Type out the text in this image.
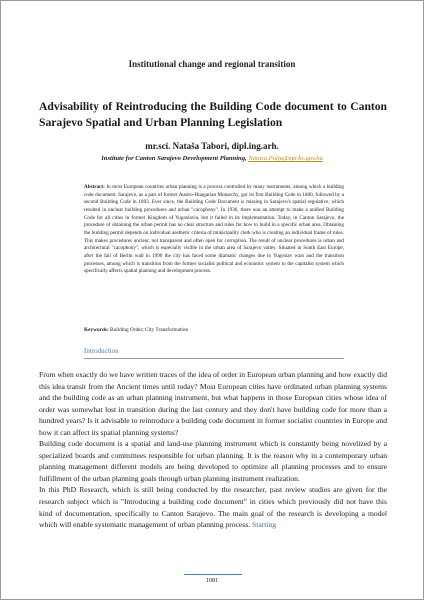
Institutional change and regional transition
Advisability of Reintroducing the Building Code document to Canton Sarajevo Spatial and Urban Planning Legislation
mr.sci. Nataša Tabori, dipl.ing.arh.
Institute for Canton Sarajevo Development Planning, Natasa.Pulja@zpr.ks.gov.ba
Abstract: In most European countries urban planning is a process controlled by many instruments, among which a building code document. Sarajevo, as a part of former Austro-Hungarian Monarchy, got its first Building Code in 1880, followed by a second Building Code in 1893. Ever since, the Building Code Document is missing in Sarajevo's spatial regulative, which resulted in unclear building procedures and urban "cacophony". In 1936, there was an attempt to make a unified Building Code for all cities in former Kingdom of Yugoslavia, but it failed in its implementation. Today, in Canton Sarajevo, the procedure of obtaining the urban permit has no clear structure and rules for how to build in a specific urban area. Obtaining the building permit depends on individual aesthetic criteria of municipality clerk who is creating an individual frame of rules. This makes procedures unclear, not transparent and often open for corruption. The result of unclear procedures is urban and architectural "cacophony", which is especially visible in the urban area of Sarajevo valley. Situated in South East Europe, after the fall of Berlin wall in 1990 the city has faced some dramatic changes due to Yugoslav wars and the transition processes, among which is transition from the former socialist political and economic system to the capitalist system which specifically affects spatial planning and development process.
Keywords: Building Order; City Transformation
Introduction

From when exactly do we have written traces of the idea of order in European urban planning and how exactly did this idea transit from the Ancient times until today? Most European cities have ordinated urban planning systems and the building code as an urban planning instrument, but what happens in those European cities whose idea of order was somewhat lost in transition during the last century and they don't have building code for more than a hundred years? Is it advisable to reintroduce a building code document in former socialist countries in Europe and how it can affect its spatial planning systems?

Building code document is a spatial and land-use planning instrument which is constantly being novelized by a specialized boards and committees responsible for urban planning. It is the reason why in a contemporary urban planning management different models are being developed to optimize all planning processes and to ensure fulfillment of the urban planning goals through urban planning instrument realization.

In this PhD Research, which is still being conducted by the researcher, past review studies are given for the research subject which is "Introducing a building code document" in cities which previously did not have this kind of documentation, specifically to Canton Sarajevo. The main goal of the research is developing a model which will enable systematic management of urban planning process. Starting

1081
